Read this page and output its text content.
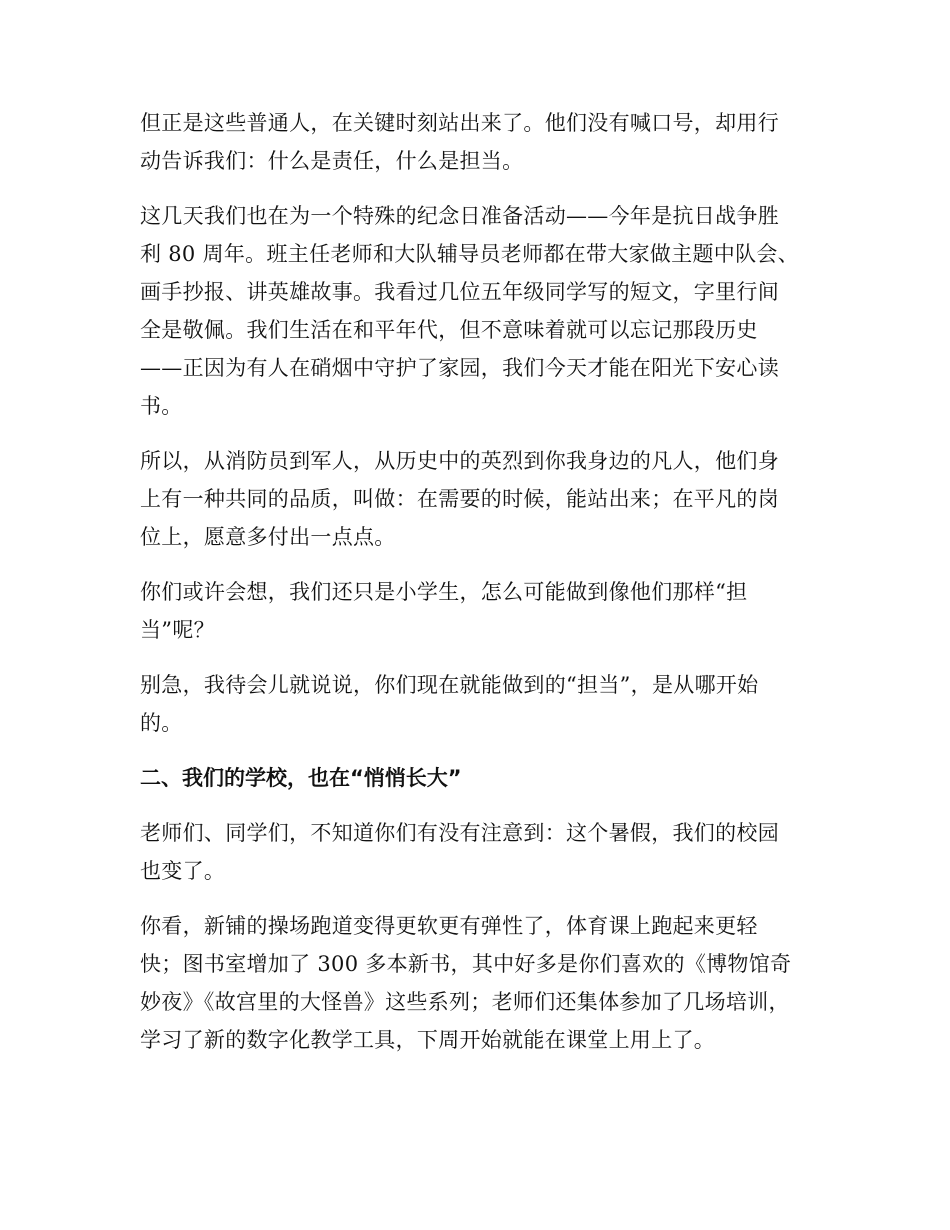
但正是这些普通人，在关键时刻站出来了。他们没有喊口号，却用行动告诉我们：什么是责任，什么是担当。

这几天我们也在为一个特殊的纪念日准备活动——今年是抗日战争胜利 80 周年。班主任老师和大队辅导员老师都在带大家做主题中队会、画手抄报、讲英雄故事。我看过几位五年级同学写的短文，字里行间全是敬佩。我们生活在和平年代，但不意味着就可以忘记那段历史——正因为有人在硝烟中守护了家园，我们今天才能在阳光下安心读书。

所以，从消防员到军人，从历史中的英烈到你我身边的凡人，他们身上有一种共同的品质，叫做：在需要的时候，能站出来；在平凡的岗位上，愿意多付出一点点。

你们或许会想，我们还只是小学生，怎么可能做到像他们那样“担当”呢？

别急，我待会儿就说说，你们现在就能做到的“担当”，是从哪开始的。

二、我们的学校，也在“悄悄长大”

老师们、同学们，不知道你们有没有注意到：这个暑假，我们的校园也变了。

你看，新铺的操场跑道变得更软更有弹性了，体育课上跑起来更轻快；图书室增加了 300 多本新书，其中好多是你们喜欢的《博物馆奇妙夜》《故宫里的大怪兽》这些系列；老师们还集体参加了几场培训，学习了新的数字化教学工具，下周开始就能在课堂上用上了。
